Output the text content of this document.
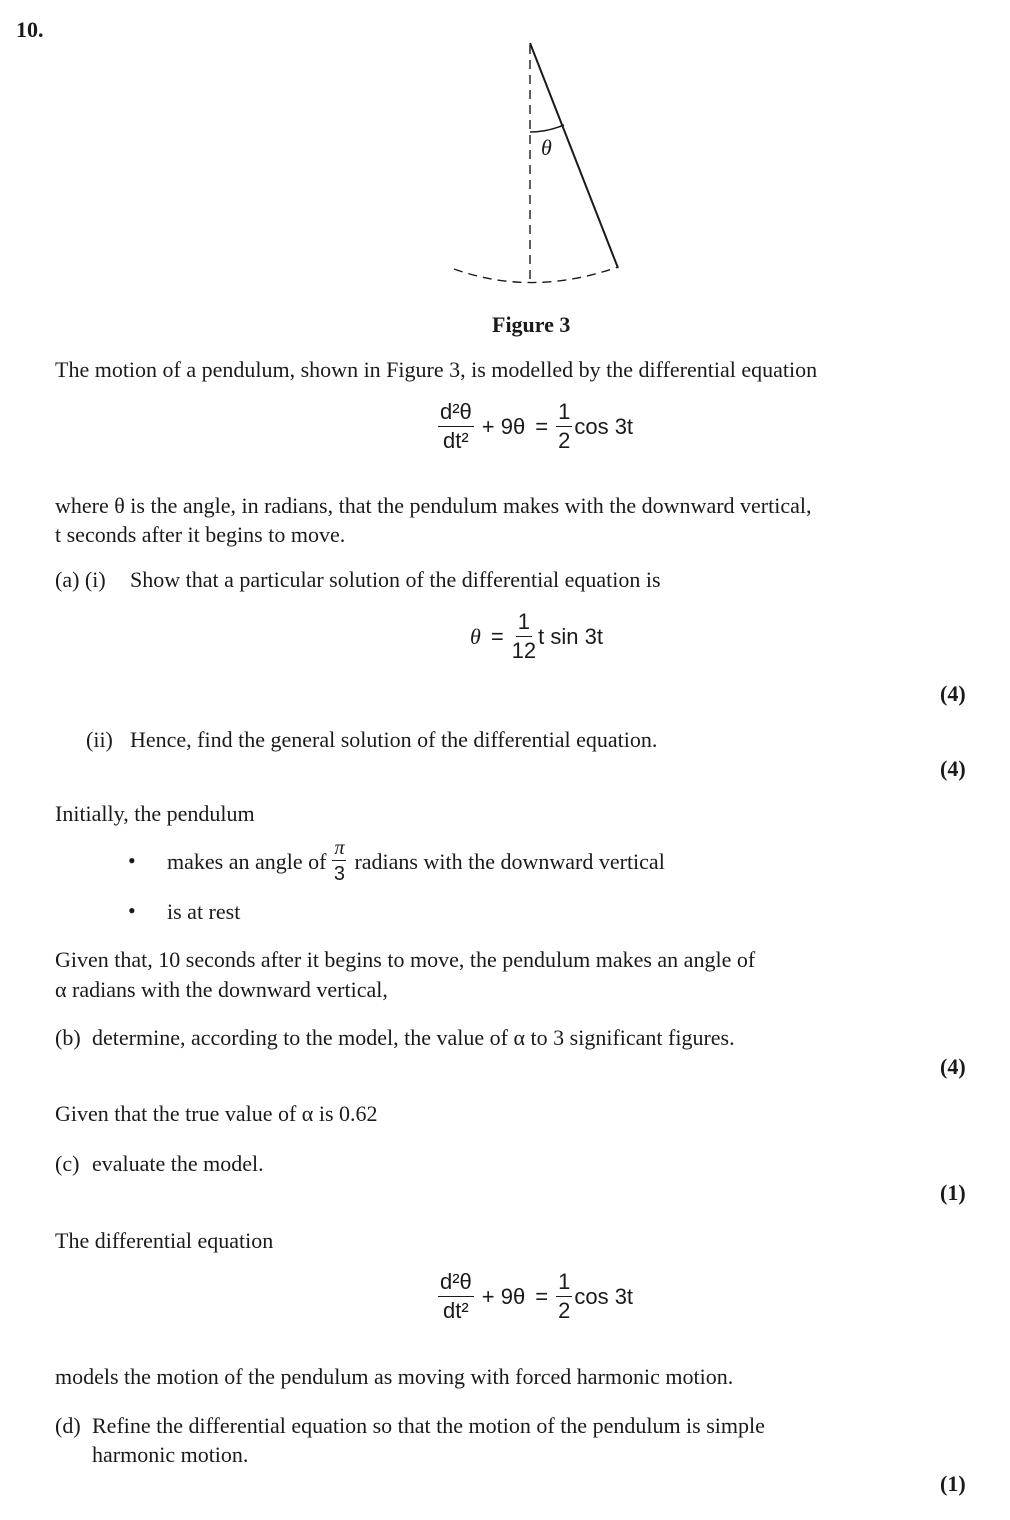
10.
θ
Figure 3
The motion of a pendulum, shown in Figure 3, is modelled by the differential equation
$\frac{\text{d²θ}}{\text{dt²}} + 9\theta = \frac{1}{2}$ cos 3t
where θ is the angle, in radians, that the pendulum makes with the downward vertical,
t seconds after it begins to move.
(a) (i) Show that a particular solution of the differential equation is
$\theta = \frac{1}{12}$ t sin 3t
(4)
(ii) Hence, find the general solution of the differential equation.
(4)
Initially, the pendulum
• makes an angle of $\frac{\pi}{3}$ radians with the downward vertical
• is at rest
Given that, 10 seconds after it begins to move, the pendulum makes an angle of
α radians with the downward vertical,
(b) determine, according to the model, the value of α to 3 significant figures.
(4)
Given that the true value of α is 0.62
(c) evaluate the model.
(1)
The differential equation
$\frac{\text{d²θ}}{\text{dt²}} + 9\theta = \frac{1}{2}$ cos 3t
models the motion of the pendulum as moving with forced harmonic motion.
(d) Refine the differential equation so that the motion of the pendulum is simple
harmonic motion.
(1)
